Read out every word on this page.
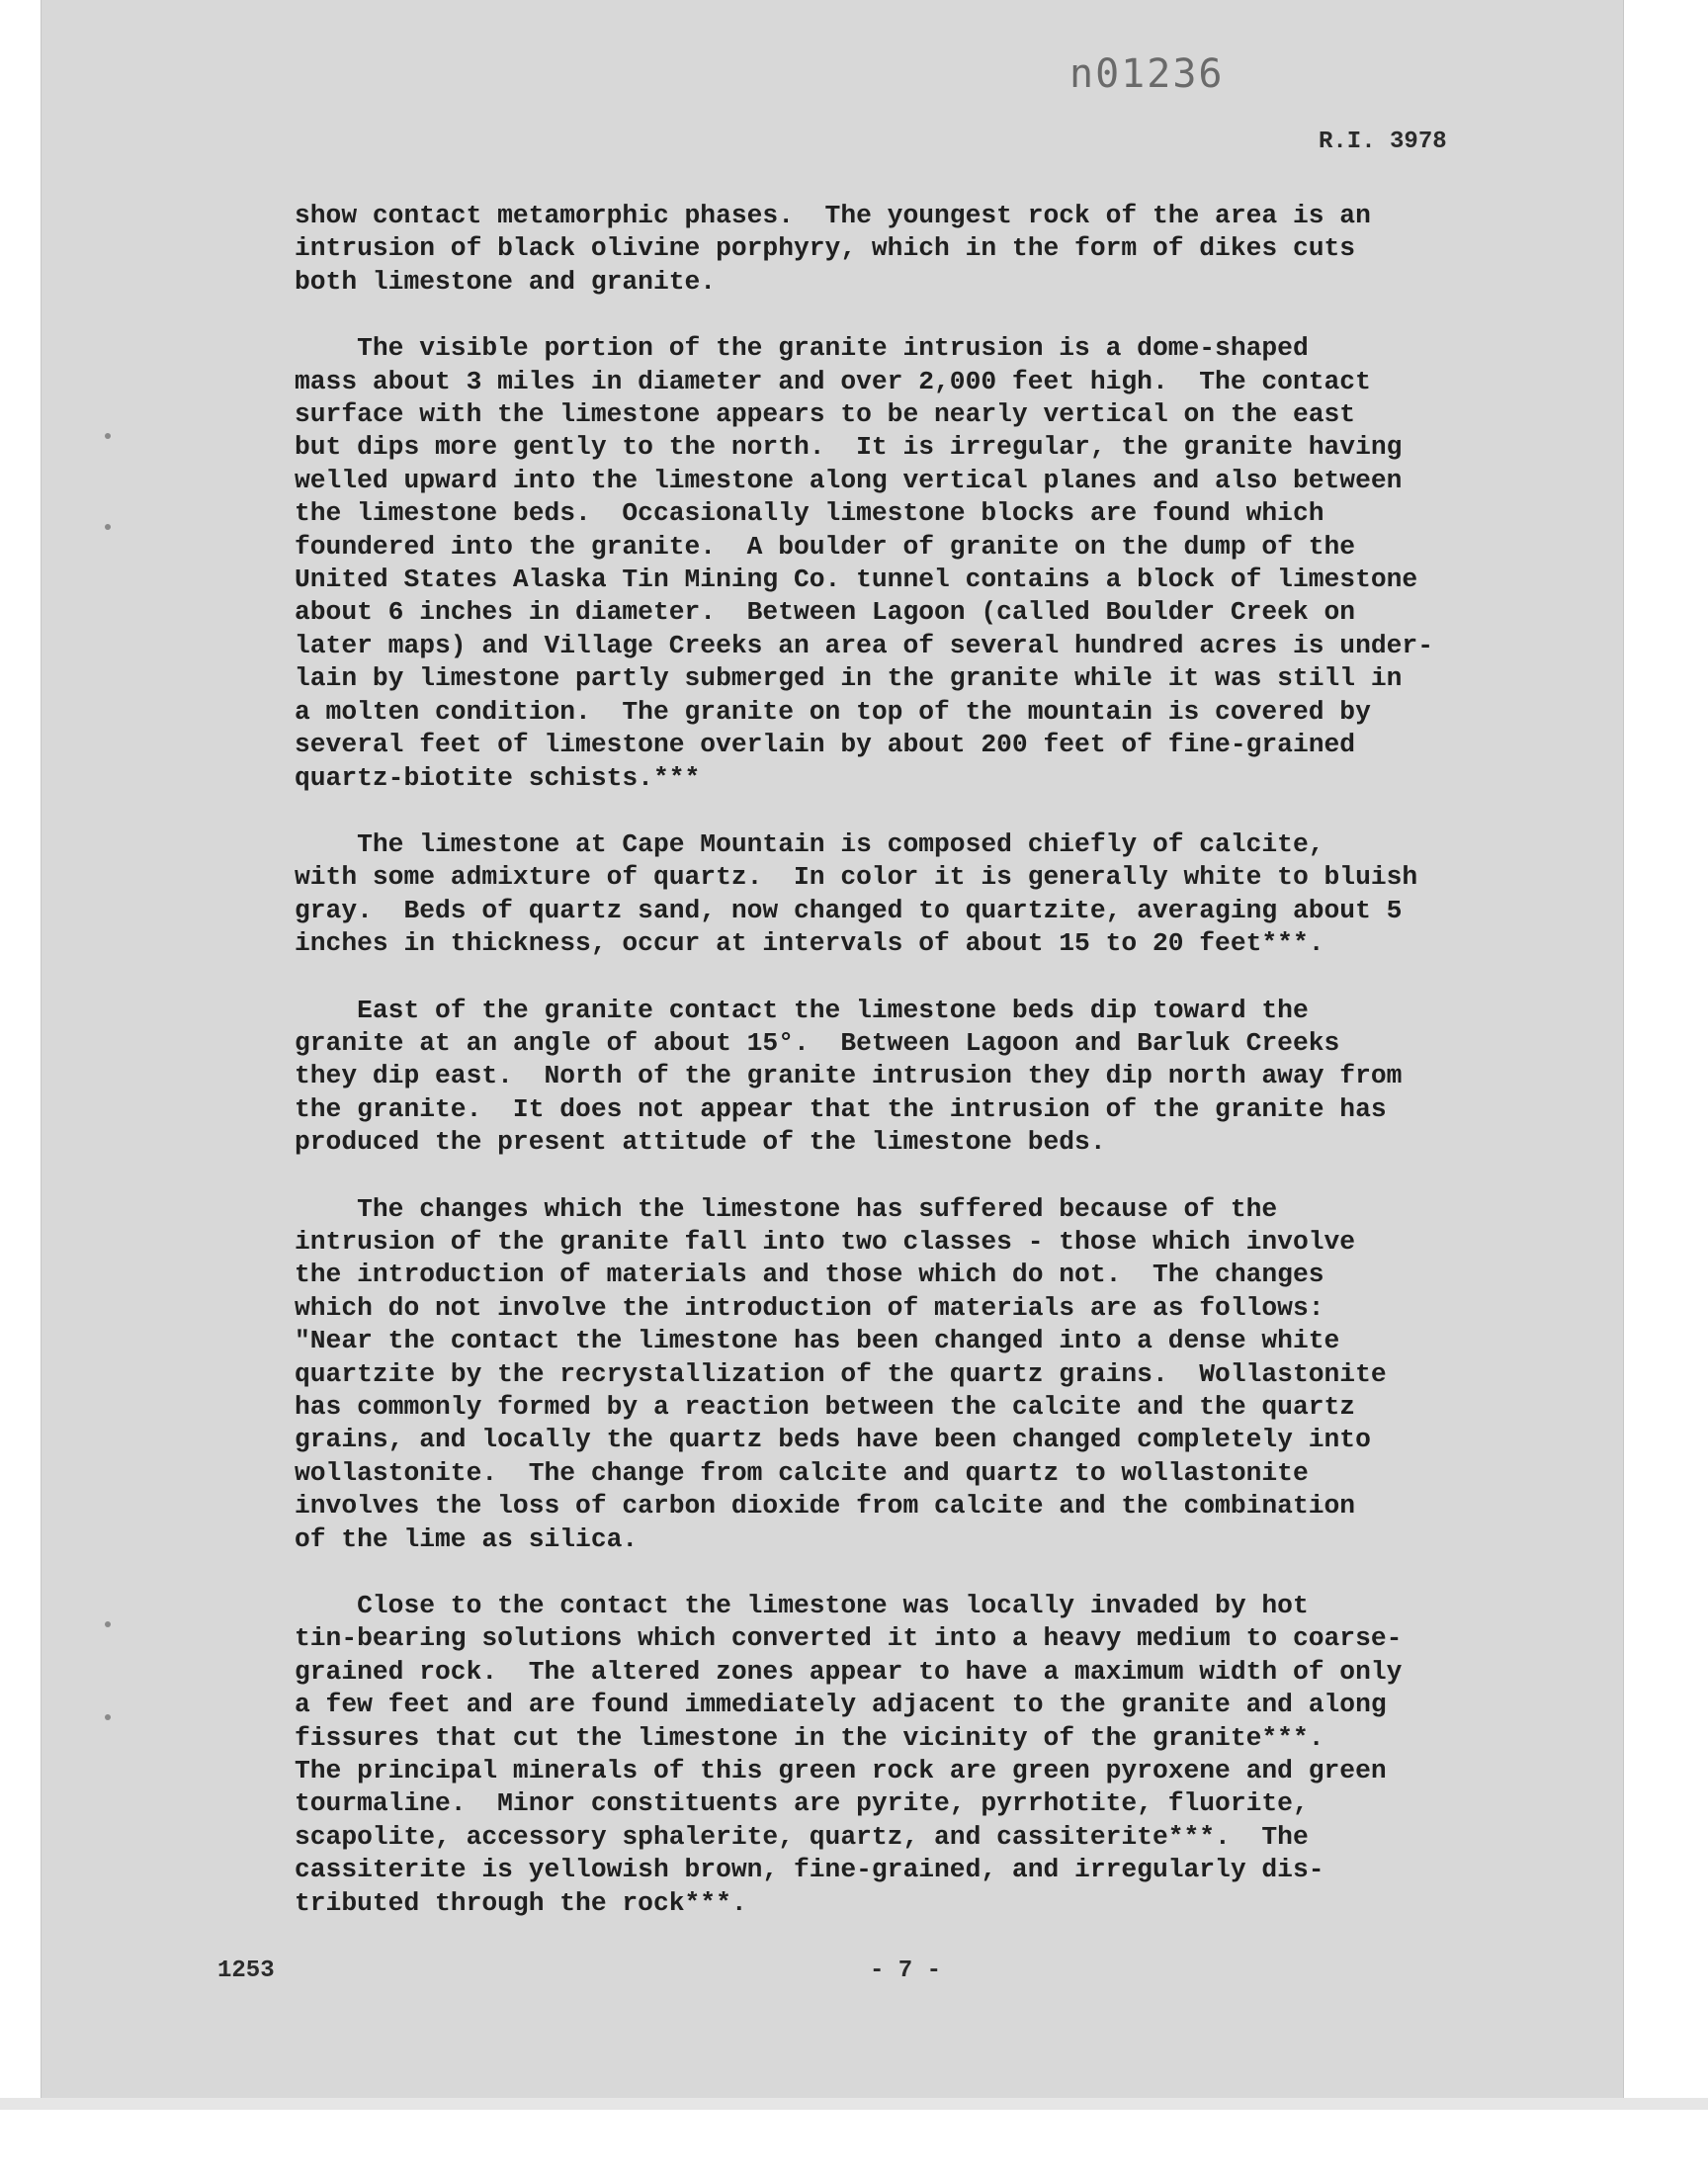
n01236
R.I. 3978
show contact metamorphic phases.  The youngest rock of the area is an
intrusion of black olivine porphyry, which in the form of dikes cuts
both limestone and granite.
The visible portion of the granite intrusion is a dome-shaped
mass about 3 miles in diameter and over 2,000 feet high.  The contact
surface with the limestone appears to be nearly vertical on the east
but dips more gently to the north.  It is irregular, the granite having
welled upward into the limestone along vertical planes and also between
the limestone beds.  Occasionally limestone blocks are found which
foundered into the granite.  A boulder of granite on the dump of the
United States Alaska Tin Mining Co. tunnel contains a block of limestone
about 6 inches in diameter.  Between Lagoon (called Boulder Creek on
later maps) and Village Creeks an area of several hundred acres is under-
lain by limestone partly submerged in the granite while it was still in
a molten condition.  The granite on top of the mountain is covered by
several feet of limestone overlain by about 200 feet of fine-grained
quartz-biotite schists.***
The limestone at Cape Mountain is composed chiefly of calcite,
with some admixture of quartz.  In color it is generally white to bluish
gray.  Beds of quartz sand, now changed to quartzite, averaging about 5
inches in thickness, occur at intervals of about 15 to 20 feet***.
East of the granite contact the limestone beds dip toward the
granite at an angle of about 15°.  Between Lagoon and Barluk Creeks
they dip east.  North of the granite intrusion they dip north away from
the granite.  It does not appear that the intrusion of the granite has
produced the present attitude of the limestone beds.
The changes which the limestone has suffered because of the
intrusion of the granite fall into two classes - those which involve
the introduction of materials and those which do not.  The changes
which do not involve the introduction of materials are as follows:
"Near the contact the limestone has been changed into a dense white
quartzite by the recrystallization of the quartz grains.  Wollastonite
has commonly formed by a reaction between the calcite and the quartz
grains, and locally the quartz beds have been changed completely into
wollastonite.  The change from calcite and quartz to wollastonite
involves the loss of carbon dioxide from calcite and the combination
of the lime as silica.
Close to the contact the limestone was locally invaded by hot
tin-bearing solutions which converted it into a heavy medium to coarse-
grained rock.  The altered zones appear to have a maximum width of only
a few feet and are found immediately adjacent to the granite and along
fissures that cut the limestone in the vicinity of the granite***.
The principal minerals of this green rock are green pyroxene and green
tourmaline.  Minor constituents are pyrite, pyrrhotite, fluorite,
scapolite, accessory sphalerite, quartz, and cassiterite***.  The
cassiterite is yellowish brown, fine-grained, and irregularly dis-
tributed through the rock***.
1253	- 7 -
